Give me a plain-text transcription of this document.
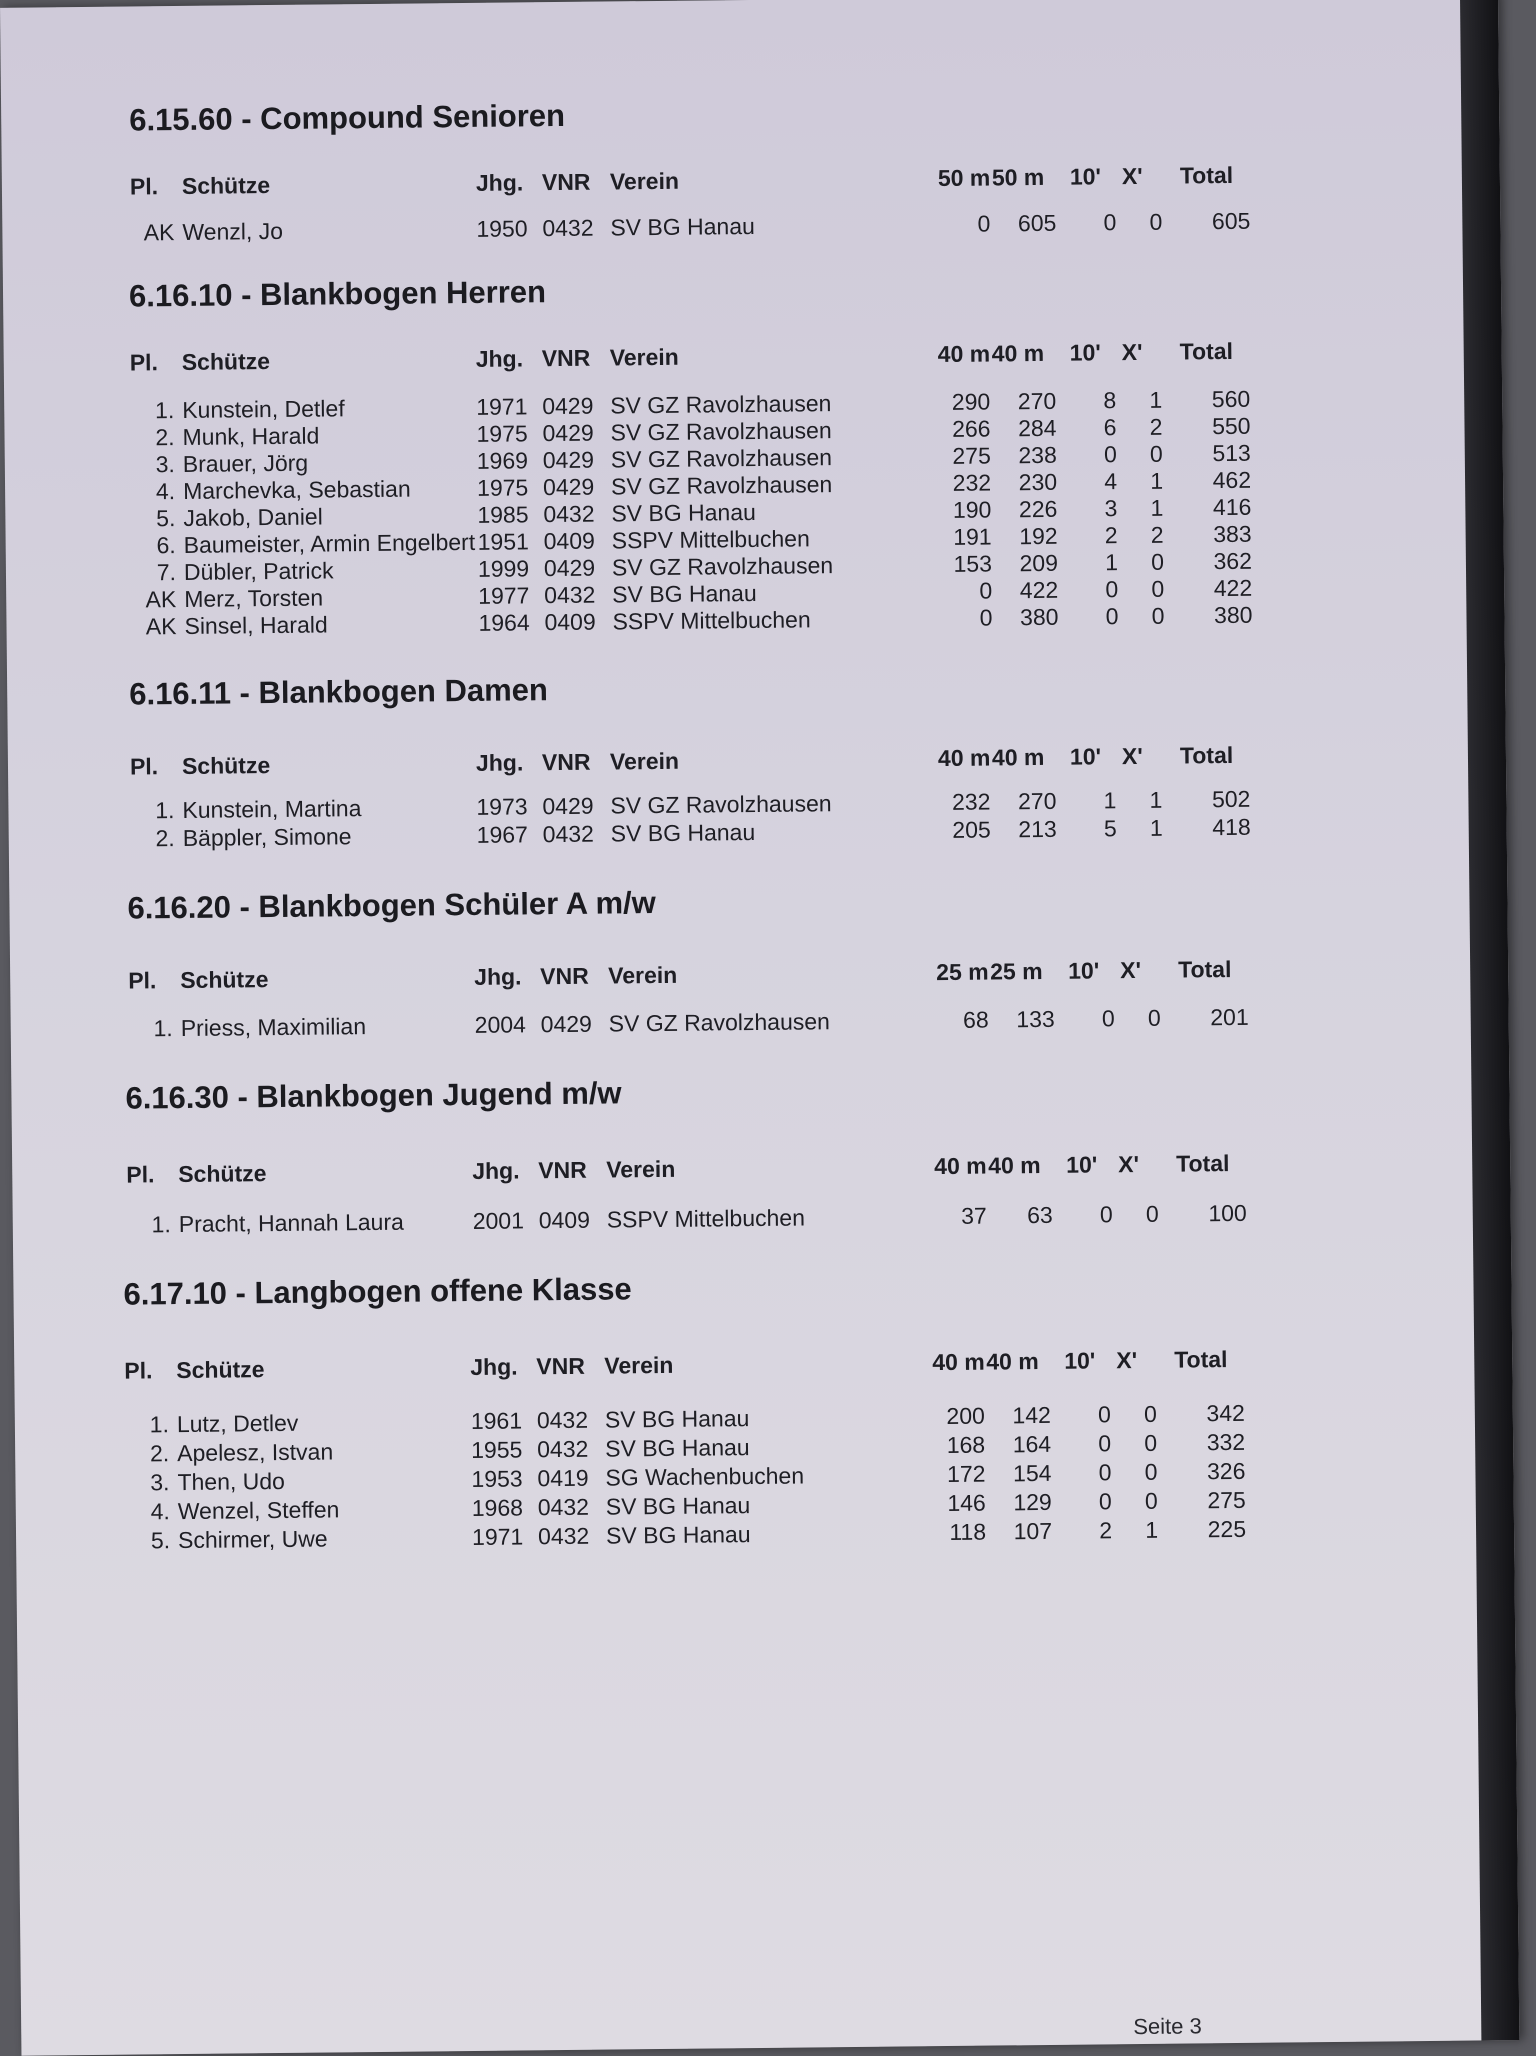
6.15.60 - Compound Senioren
Pl.	Schütze	Jhg. VNR Verein	50 m 50 m 10' X' Total
AK Wenzl, Jo	1950 0432 SV BG Hanau	0	605	0	0	605
6.16.10 - Blankbogen Herren
Pl.	Schütze	Jhg. VNR Verein	40 m 40 m 10' X' Total
1. Kunstein, Detlef	1971 0429 SV GZ Ravolzhausen	290	270	8	1	560
2. Munk, Harald	1975 0429 SV GZ Ravolzhausen	266	284	6	2	550
3. Brauer, Jörg	1969 0429 SV GZ Ravolzhausen	275	238	0	0	513
4. Marchevka, Sebastian	1975 0429 SV GZ Ravolzhausen	232	230	4	1	462
5. Jakob, Daniel	1985 0432 SV BG Hanau	190	226	3	1	416
6. Baumeister, Armin Engelbert 1951 0409 SSPV Mittelbuchen	191	192	2	2	383
7. Dübler, Patrick	1999 0429 SV GZ Ravolzhausen	153	209	1	0	362
AK Merz, Torsten	1977 0432 SV BG Hanau	0	422	0	0	422
AK Sinsel, Harald	1964 0409 SSPV Mittelbuchen	0	380	0	0	380
6.16.11 - Blankbogen Damen
Pl.	Schütze	Jhg. VNR Verein	40 m 40 m 10' X' Total
1. Kunstein, Martina	1973 0429 SV GZ Ravolzhausen	232	270	1	1	502
2. Bäppler, Simone	1967 0432 SV BG Hanau	205	213	5	1	418
6.16.20 - Blankbogen Schüler A m/w
Pl.	Schütze	Jhg. VNR Verein	25 m 25 m 10' X' Total
1. Priess, Maximilian	2004 0429 SV GZ Ravolzhausen	68	133	0	0	201
6.16.30 - Blankbogen Jugend m/w
Pl.	Schütze	Jhg. VNR Verein	40 m 40 m 10' X' Total
1. Pracht, Hannah Laura	2001 0409 SSPV Mittelbuchen	37	63	0	0	100
6.17.10 - Langbogen offene Klasse
Pl.	Schütze	Jhg. VNR Verein	40 m 40 m 10' X' Total
1. Lutz, Detlev	1961 0432 SV BG Hanau	200	142	0	0	342
2. Apelesz, Istvan	1955 0432 SV BG Hanau	168	164	0	0	332
3. Then, Udo	1953 0419 SG Wachenbuchen	172	154	0	0	326
4. Wenzel, Steffen	1968 0432 SV BG Hanau	146	129	0	0	275
5. Schirmer, Uwe	1971 0432 SV BG Hanau	118	107	2	1	225
Seite 3
